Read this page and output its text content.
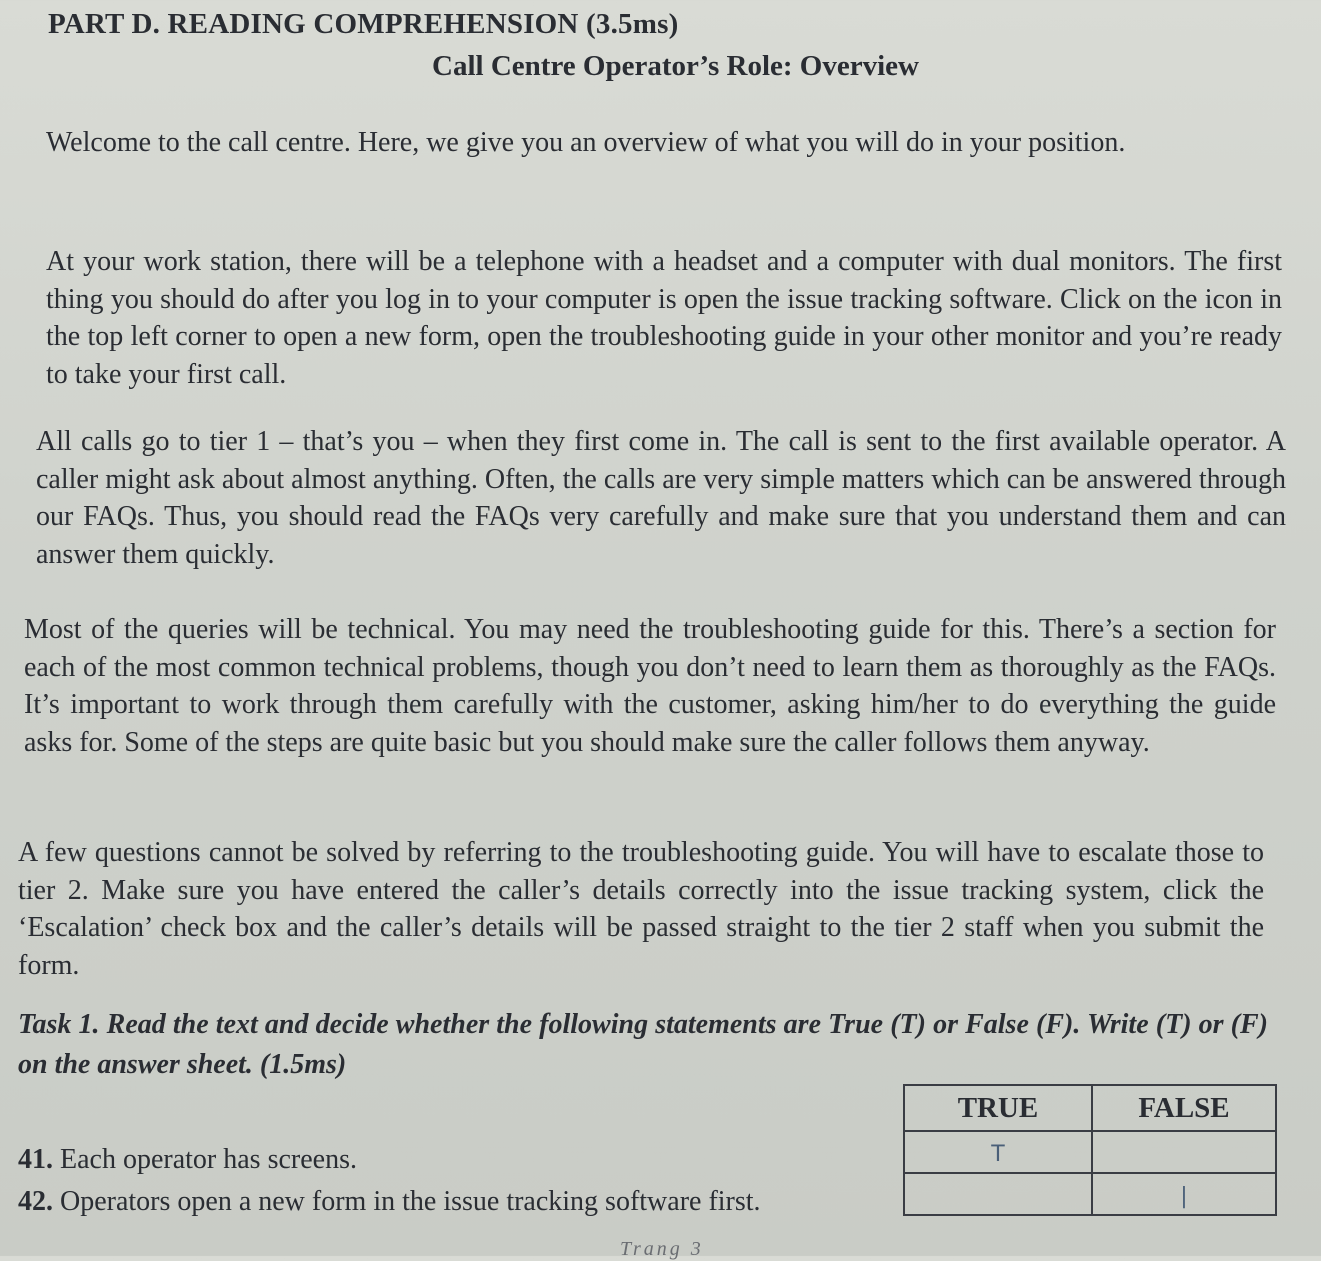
PART D. READING COMPREHENSION (3.5ms)
Call Centre Operator’s Role: Overview
Welcome to the call centre. Here, we give you an overview of what you will do in your position.
At your work station, there will be a telephone with a headset and a computer with dual monitors. The first thing you should do after you log in to your computer is open the issue tracking software. Click on the icon in the top left corner to open a new form, open the troubleshooting guide in your other monitor and you’re ready to take your first call.
All calls go to tier 1 – that’s you – when they first come in. The call is sent to the first available operator. A caller might ask about almost anything. Often, the calls are very simple matters which can be answered through our FAQs. Thus, you should read the FAQs very carefully and make sure that you understand them and can answer them quickly.
Most of the queries will be technical. You may need the troubleshooting guide for this. There’s a section for each of the most common technical problems, though you don’t need to learn them as thoroughly as the FAQs. It’s important to work through them carefully with the customer, asking him/her to do everything the guide asks for. Some of the steps are quite basic but you should make sure the caller follows them anyway.
A few questions cannot be solved by referring to the troubleshooting guide. You will have to escalate those to tier 2. Make sure you have entered the caller’s details correctly into the issue tracking system, click the ‘Escalation’ check box and the caller’s details will be passed straight to the tier 2 staff when you submit the form.
Task 1. Read the text and decide whether the following statements are True (T) or False (F). Write (T) or (F) on the answer sheet. (1.5ms)
41. Each operator has screens.
42. Operators open a new form in the issue tracking software first.
TRUE	FALSE
T	
	|
Trang 3
